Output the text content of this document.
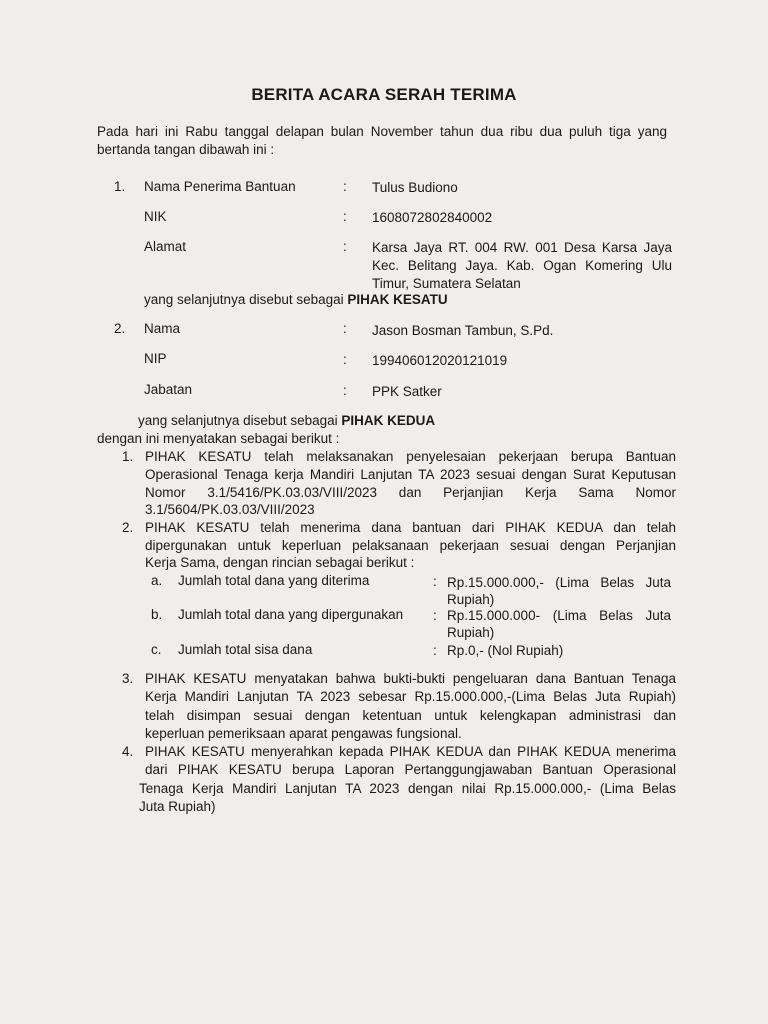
BERITA ACARA SERAH TERIMA
Pada hari ini Rabu tanggal delapan bulan November tahun dua ribu dua puluh tiga yang
bertanda tangan dibawah ini :
1. Nama Penerima Bantuan	: Tulus Budiono
NIK	: 1608072802840002
Alamat	: Karsa Jaya RT. 004 RW. 001 Desa Karsa Jaya
Kec. Belitang Jaya. Kab. Ogan Komering Ulu
Timur, Sumatera Selatan
yang selanjutnya disebut sebagai PIHAK KESATU
2. Nama	: Jason Bosman Tambun, S.Pd.
NIP	: 199406012020121019
Jabatan	: PPK Satker
yang selanjutnya disebut sebagai PIHAK KEDUA
dengan ini menyatakan sebagai berikut :
1. PIHAK KESATU telah melaksanakan penyelesaian pekerjaan berupa Bantuan
Operasional Tenaga kerja Mandiri Lanjutan TA 2023 sesuai dengan Surat Keputusan
Nomor 3.1/5416/PK.03.03/VIII/2023 dan Perjanjian Kerja Sama Nomor
3.1/5604/PK.03.03/VIII/2023
2. PIHAK KESATU telah menerima dana bantuan dari PIHAK KEDUA dan telah
dipergunakan untuk keperluan pelaksanaan pekerjaan sesuai dengan Perjanjian
Kerja Sama, dengan rincian sebagai berikut :
a. Jumlah total dana yang diterima	: Rp.15.000.000,- (Lima Belas Juta
Rupiah)
b. Jumlah total dana yang dipergunakan : Rp.15.000.000- (Lima Belas Juta
Rupiah)
c. Jumlah total sisa dana	: Rp.0,- (Nol Rupiah)
3. PIHAK KESATU menyatakan bahwa bukti-bukti pengeluaran dana Bantuan Tenaga
Kerja Mandiri Lanjutan TA 2023 sebesar Rp.15.000.000,-(Lima Belas Juta Rupiah)
telah disimpan sesuai dengan ketentuan untuk kelengkapan administrasi dan
keperluan pemeriksaan aparat pengawas fungsional.
4. PIHAK KESATU menyerahkan kepada PIHAK KEDUA dan PIHAK KEDUA menerima
dari PIHAK KESATU berupa Laporan Pertanggungjawaban Bantuan Operasional
Tenaga Kerja Mandiri Lanjutan TA 2023 dengan nilai Rp.15.000.000,- (Lima Belas
Juta Rupiah)
